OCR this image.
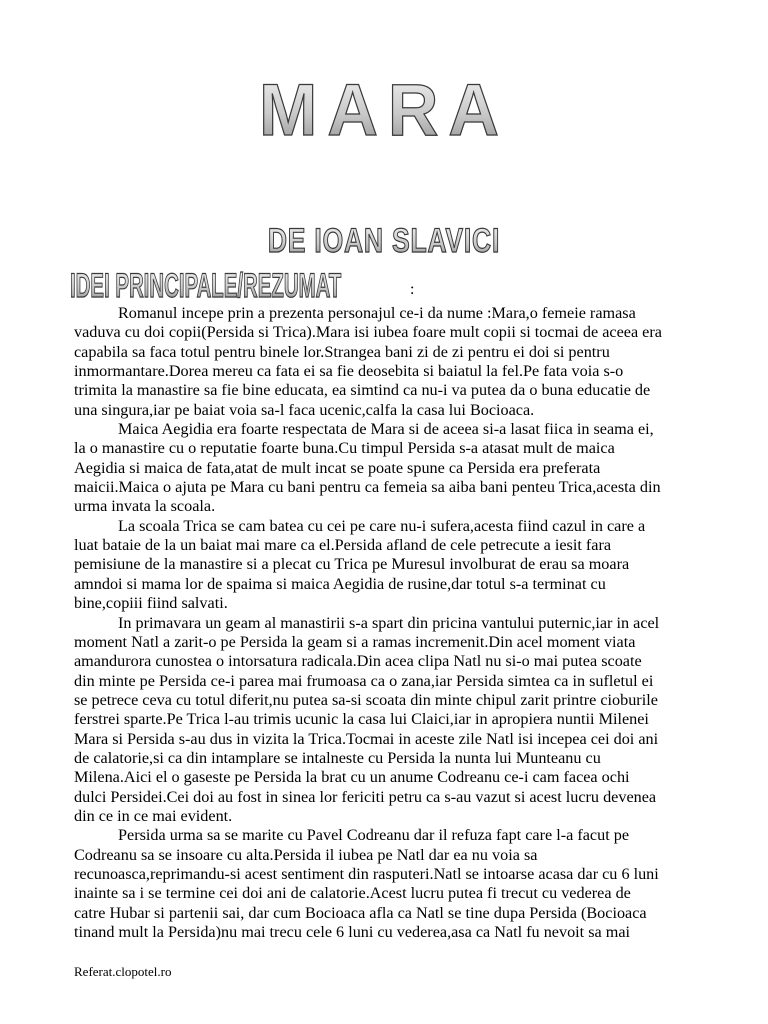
MARA
DE IOAN SLAVICI
IDEI PRINCIPALE/REZUMAT	:
Romanul incepe prin a prezenta personajul ce-i da nume :Mara,o femeie ramasa
vaduva cu doi copii(Persida si Trica).Mara isi iubea foare mult copii si tocmai de aceea era
capabila sa faca totul pentru binele lor.Strangea bani zi de zi pentru ei doi si pentru
inmormantare.Dorea mereu ca fata ei sa fie deosebita si baiatul la fel.Pe fata voia s-o
trimita la manastire sa fie bine educata, ea simtind ca nu-i va putea da o buna educatie de
una singura,iar pe baiat voia sa-l faca ucenic,calfa la casa lui Bocioaca.
Maica Aegidia era foarte respectata de Mara si de aceea si-a lasat fiica in seama ei,
la o manastire cu o reputatie foarte buna.Cu timpul Persida s-a atasat mult de maica
Aegidia si maica de fata,atat de mult incat se poate spune ca Persida era preferata
maicii.Maica o ajuta pe Mara cu bani pentru ca femeia sa aiba bani penteu Trica,acesta din
urma invata la scoala.
La scoala Trica se cam batea cu cei pe care nu-i sufera,acesta fiind cazul in care a
luat bataie de la un baiat mai mare ca el.Persida afland de cele petrecute a iesit fara
pemisiune de la manastire si a plecat cu Trica pe Muresul involburat de erau sa moara
amndoi si mama lor de spaima si maica Aegidia de rusine,dar totul s-a terminat cu
bine,copiii fiind salvati.
In primavara un geam al manastirii s-a spart din pricina vantului puternic,iar in acel
moment Natl a zarit-o pe Persida la geam si a ramas incremenit.Din acel moment viata
amandurora cunostea o intorsatura radicala.Din acea clipa Natl nu si-o mai putea scoate
din minte pe Persida ce-i parea mai frumoasa ca o zana,iar Persida simtea ca in sufletul ei
se petrece ceva cu totul diferit,nu putea sa-si scoata din minte chipul zarit printre cioburile
ferstrei sparte.Pe Trica l-au trimis ucunic la casa lui Claici,iar in apropiera nuntii Milenei
Mara si Persida s-au dus in vizita la Trica.Tocmai in aceste zile Natl isi incepea cei doi ani
de calatorie,si ca din intamplare se intalneste cu Persida la nunta lui Munteanu cu
Milena.Aici el o gaseste pe Persida la brat cu un anume Codreanu ce-i cam facea ochi
dulci Persidei.Cei doi au fost in sinea lor fericiti petru ca s-au vazut si acest lucru devenea
din ce in ce mai evident.
Persida urma sa se marite cu Pavel Codreanu dar il refuza fapt care l-a facut pe
Codreanu sa se insoare cu alta.Persida il iubea pe Natl dar ea nu voia sa
recunoasca,reprimandu-si acest sentiment din rasputeri.Natl se intoarse acasa dar cu 6 luni
inainte sa i se termine cei doi ani de calatorie.Acest lucru putea fi trecut cu vederea de
catre Hubar si partenii sai, dar cum Bocioaca afla ca Natl se tine dupa Persida (Bocioaca
tinand mult la Persida)nu mai trecu cele 6 luni cu vederea,asa ca Natl fu nevoit sa mai
Referat.clopotel.ro
